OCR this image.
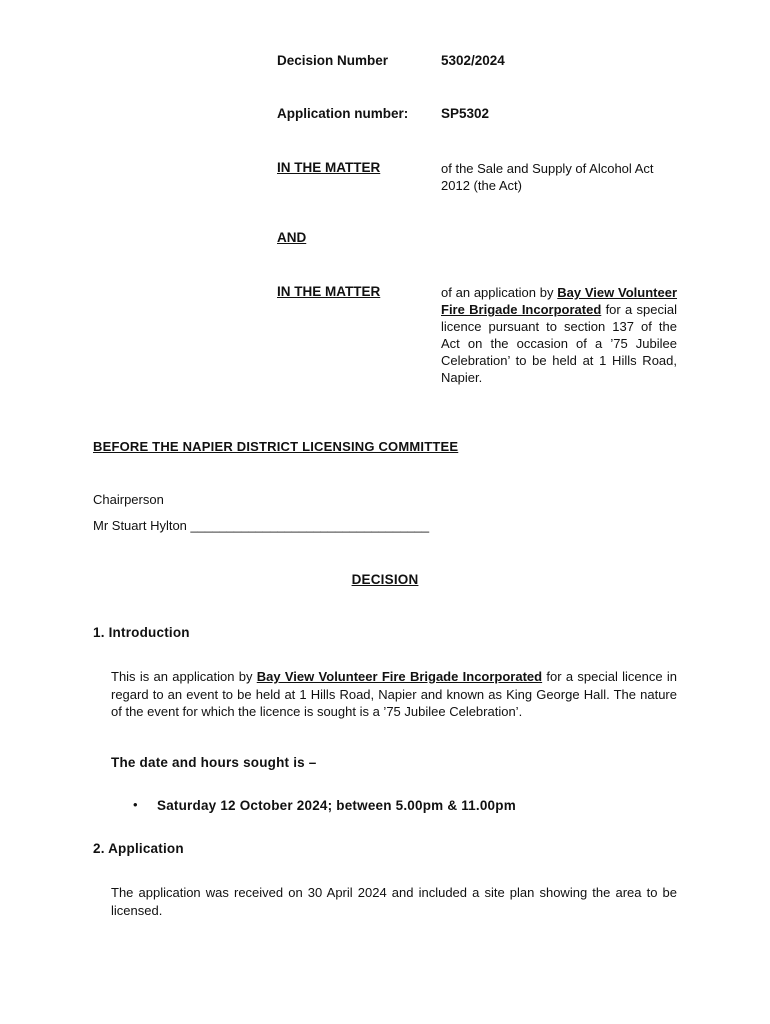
Decision Number	5302/2024
Application number: SP5302
IN THE MATTER	of the Sale and Supply of Alcohol Act 2012 (the Act)
AND
IN THE MATTER	of an application by Bay View Volunteer Fire Brigade Incorporated for a special licence pursuant to section 137 of the Act on the occasion of a ’75 Jubilee Celebration’ to be held at 1 Hills Road, Napier.
BEFORE THE NAPIER DISTRICT LICENSING COMMITTEE
Chairperson
Mr Stuart Hylton _________________________________
DECISION
1. Introduction
This is an application by Bay View Volunteer Fire Brigade Incorporated for a special licence in regard to an event to be held at 1 Hills Road, Napier and known as King George Hall. The nature of the event for which the licence is sought is a ’75 Jubilee Celebration’.
The date and hours sought is –
• Saturday 12 October 2024; between 5.00pm & 11.00pm
2. Application
The application was received on 30 April 2024 and included a site plan showing the area to be licensed.
